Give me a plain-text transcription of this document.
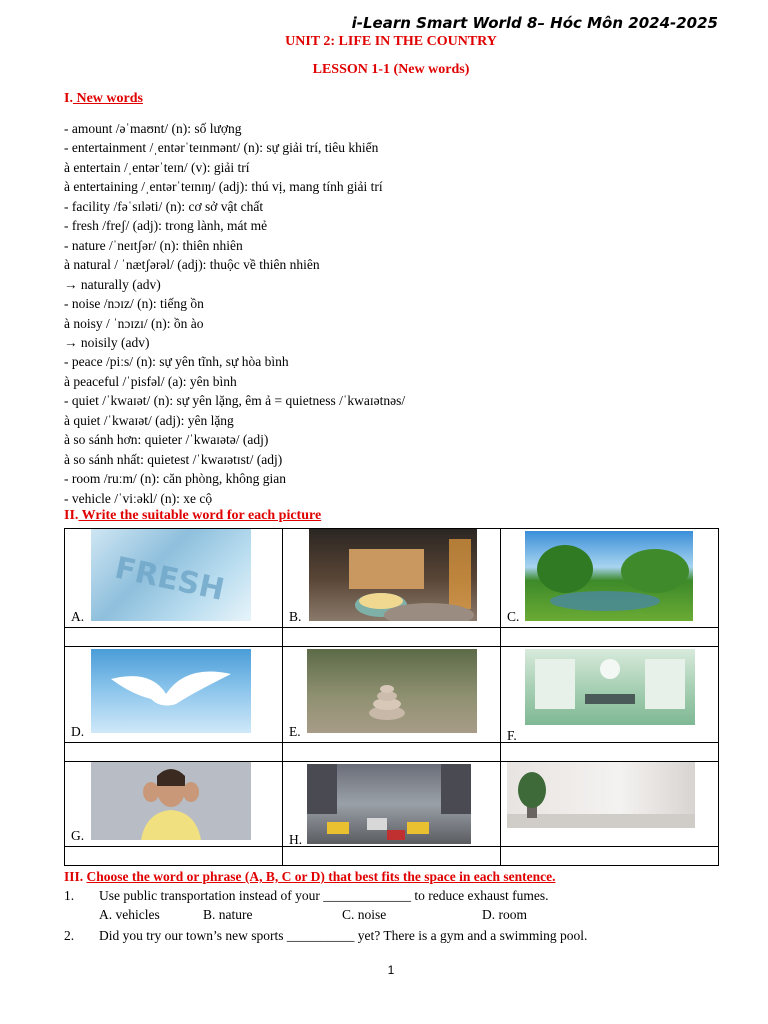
i-Learn Smart World 8– Hóc Môn 2024-2025
UNIT 2: LIFE IN THE COUNTRY
LESSON 1-1 (New words)
I. New words
- amount /əˈmaʊnt/ (n): số lượng
- entertainment /ˌentərˈteɪnmənt/ (n): sự giải trí, tiêu khiển
à entertain /ˌentərˈteɪn/ (v): giải trí
à entertaining /ˌentərˈteɪnɪŋ/ (adj): thú vị, mang tính giải trí
- facility /fəˈsɪləti/ (n): cơ sở vật chất
- fresh /freʃ/ (adj): trong lành, mát mẻ
- nature /ˈneɪtʃər/ (n): thiên nhiên
à natural / ˈnætʃərəl/ (adj): thuộc về thiên nhiên
→ naturally (adv)
- noise /nɔɪz/ (n): tiếng ồn
à noisy / ˈnɔɪzɪ/ (n): ồn ào
→ noisily (adv)
- peace /piːs/ (n): sự yên tĩnh, sự hòa bình
à peaceful /ˈpisfəl/ (a): yên bình
- quiet /ˈkwaɪət/ (n): sự yên lặng, êm ả = quietness /ˈkwaɪətnəs/
à quiet /ˈkwaɪət/ (adj): yên lặng
à so sánh hơn: quieter /ˈkwaɪətə/ (adj)
à so sánh nhất: quietest /ˈkwaɪətɪst/ (adj)
- room /ruːm/ (n): căn phòng, không gian
- vehicle /ˈviːəkl/ (n): xe cộ
II. Write the suitable word for each picture
FRESH
A.	B.	C.

D.	E.	F.

G.	H.

III. Choose the word or phrase (A, B, C or D) that best fits the space in each sentence.
1. Use public transportation instead of your _____________ to reduce exhaust fumes.
A. vehicles	B. nature	C. noise	D. room
2. Did you try our town’s new sports __________ yet? There is a gym and a swimming pool.
1
